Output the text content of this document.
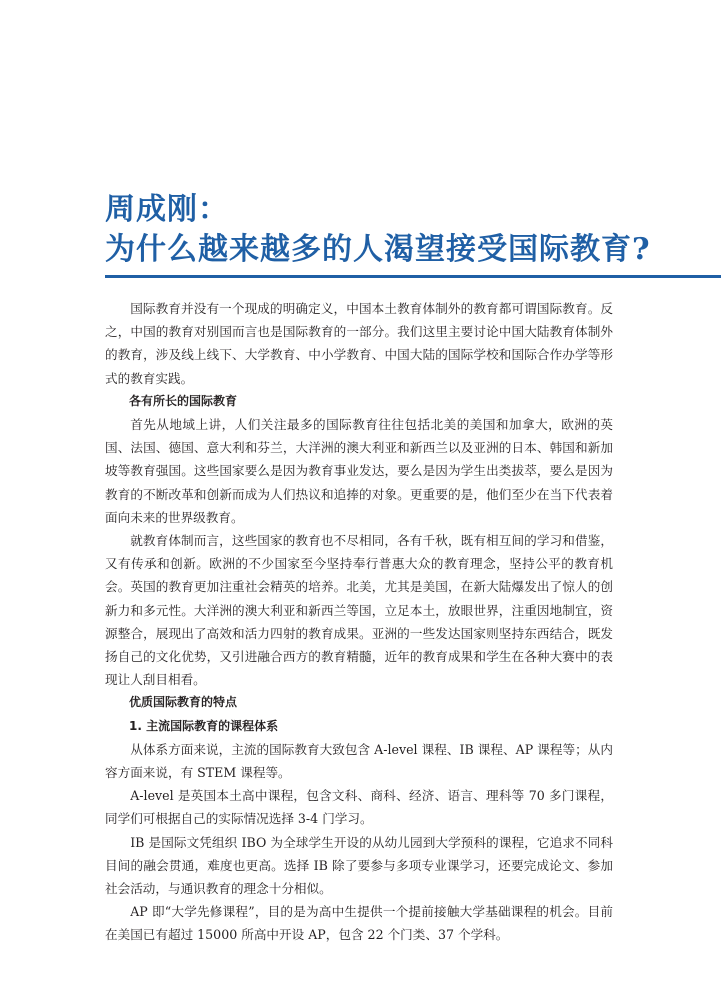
周成刚：
为什么越来越多的人渴望接受国际教育?

国际教育并没有一个现成的明确定义，中国本土教育体制外的教育都可谓国际教育。反之，中国的教育对别国而言也是国际教育的一部分。我们这里主要讨论中国大陆教育体制外的教育，涉及线上线下、大学教育、中小学教育、中国大陆的国际学校和国际合作办学等形式的教育实践。

各有所长的国际教育

首先从地域上讲，人们关注最多的国际教育往往包括北美的美国和加拿大，欧洲的英国、法国、德国、意大利和芬兰，大洋洲的澳大利亚和新西兰以及亚洲的日本、韩国和新加坡等教育强国。这些国家要么是因为教育事业发达，要么是因为学生出类拔萃，要么是因为教育的不断改革和创新而成为人们热议和追捧的对象。更重要的是，他们至少在当下代表着面向未来的世界级教育。

就教育体制而言，这些国家的教育也不尽相同，各有千秋，既有相互间的学习和借鉴，又有传承和创新。欧洲的不少国家至今坚持奉行普惠大众的教育理念，坚持公平的教育机会。英国的教育更加注重社会精英的培养。北美，尤其是美国，在新大陆爆发出了惊人的创新力和多元性。大洋洲的澳大利亚和新西兰等国，立足本土，放眼世界，注重因地制宜，资源整合，展现出了高效和活力四射的教育成果。亚洲的一些发达国家则坚持东西结合，既发扬自己的文化优势，又引进融合西方的教育精髓，近年的教育成果和学生在各种大赛中的表现让人刮目相看。

优质国际教育的特点

1. 主流国际教育的课程体系

从体系方面来说，主流的国际教育大致包含 A-level 课程、IB 课程、AP 课程等；从内容方面来说，有 STEM 课程等。

A-level 是英国本土高中课程，包含文科、商科、经济、语言、理科等 70 多门课程，同学们可根据自己的实际情况选择 3-4 门学习。

IB 是国际文凭组织 IBO 为全球学生开设的从幼儿园到大学预科的课程，它追求不同科目间的融会贯通，难度也更高。选择 IB 除了要参与多项专业课学习，还要完成论文、参加社会活动，与通识教育的理念十分相似。

AP 即“大学先修课程”，目的是为高中生提供一个提前接触大学基础课程的机会。目前在美国已有超过 15000 所高中开设 AP，包含 22 个门类、37 个学科。
